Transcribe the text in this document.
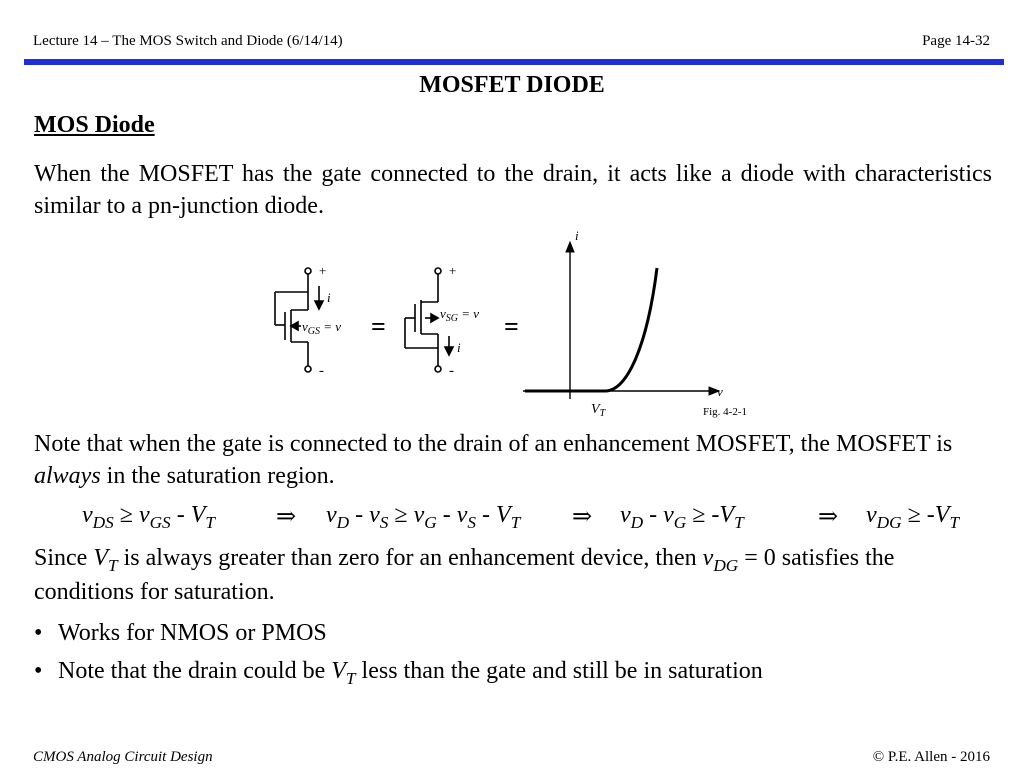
Lecture 14 – The MOS Switch and Diode (6/14/14)	Page 14-32
MOSFET DIODE
MOS Diode
When the MOSFET has the gate connected to the drain, it acts like a diode with characteristics similar to a pn-junction diode.
+
-
i
$v_{GS} = v$ =
+
-
i
$v_{SG} = v$ =
i
v
$V_T$	Fig. 4-2-1
Note that when the gate is connected to the drain of an enhancement MOSFET, the MOSFET is always in the saturation region.
$v_{DS} \ge v_{GS} - V_T$	⇒ $v_D - v_S \ge v_G - v_S - V_T$ ⇒ $v_D - v_G \ge -V_T$	⇒ $v_{DG} \ge -V_T$
Since $V_T$ is always greater than zero for an enhancement device, then $v_{DG} = 0$ satisfies the conditions for saturation.
• Works for NMOS or PMOS
• Note that the drain could be $V_T$ less than the gate and still be in saturation
CMOS Analog Circuit Design	© P.E. Allen - 2016
